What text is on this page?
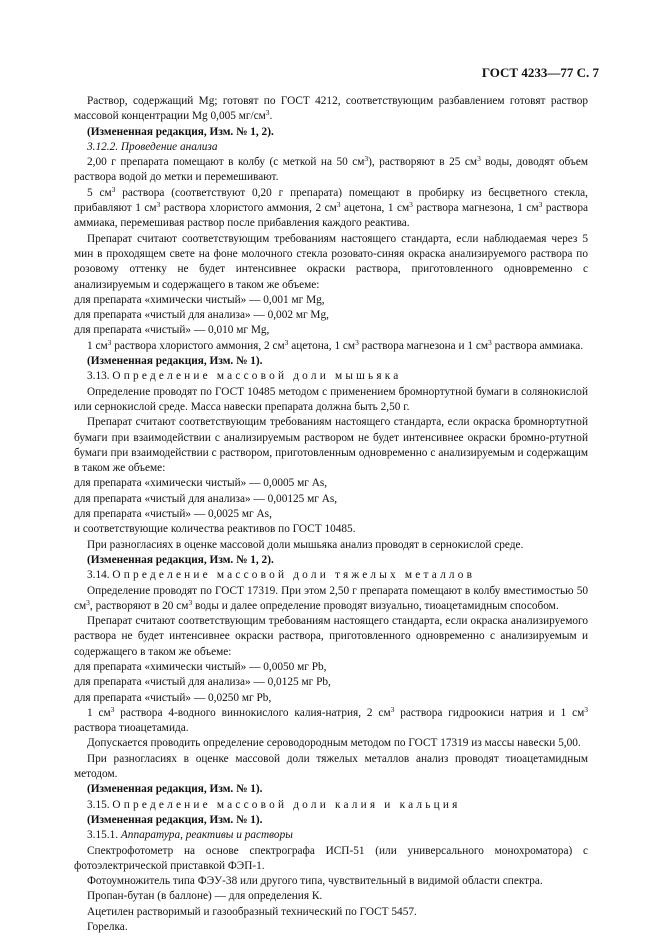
ГОСТ 4233—77 С. 7

Раствор, содержащий Mg; готовят по ГОСТ 4212, соответствующим разбавлением готовят раствор массовой концентрации Mg 0,005 $мг/см^3$.

(Измененная редакция, Изм. № 1, 2).

3.12.2. Проведение анализа

2,00 г препарата помещают в колбу (с меткой на 50 $см^3$), растворяют в 25 $см^3$ воды, доводят объем раствора водой до метки и перемешивают.

5 $см^3$ раствора (соответствуют 0,20 г препарата) помещают в пробирку из бесцветного стекла, прибавляют 1 $см^3$ раствора хлористого аммония, 2 $см^3$ ацетона, 1 $см^3$ раствора магнезона, 1 $см^3$ раствора аммиака, перемешивая раствор после прибавления каждого реактива.

Препарат считают соответствующим требованиям настоящего стандарта, если наблюдаемая через 5 мин в проходящем свете на фоне молочного стекла розовато-синяя окраска анализируемого раствора по розовому оттенку не будет интенсивнее окраски раствора, приготовленного одновременно с анализируемым и содержащего в таком же объеме:

для препарата «химически чистый» — 0,001 мг Mg,

для препарата «чистый для анализа» — 0,002 мг Mg,

для препарата «чистый» — 0,010 мг Mg,

1 $см^3$ раствора хлористого аммония, 2 $см^3$ ацетона, 1 $см^3$ раствора магнезона и 1 $см^3$ раствора аммиака.

(Измененная редакция, Изм. № 1).

3.13. Определение массовой доли мышьяка

Определение проводят по ГОСТ 10485 методом с применением бромнортутной бумаги в солянокислой или сернокислой среде. Масса навески препарата должна быть 2,50 г.

Препарат считают соответствующим требованиям настоящего стандарта, если окраска бромнортутной бумаги при взаимодействии с анализируемым раствором не будет интенсивнее окраски бромно-ртутной бумаги при взаимодействии с раствором, приготовленным одновременно с анализируемым и содержащим в таком же объеме:

для препарата «химически чистый» — 0,0005 мг As,

для препарата «чистый для анализа» — 0,00125 мг As,

для препарата «чистый» — 0,0025 мг As,

и соответствующие количества реактивов по ГОСТ 10485.

При разногласиях в оценке массовой доли мышьяка анализ проводят в сернокислой среде.

(Измененная редакция, Изм. № 1, 2).

3.14. Определение массовой доли тяжелых металлов

Определение проводят по ГОСТ 17319. При этом 2,50 г препарата помещают в колбу вместимостью 50 $см^3$, растворяют в 20 $см^3$ воды и далее определение проводят визуально, тиоацетамидным способом.

Препарат считают соответствующим требованиям настоящего стандарта, если окраска анализируемого раствора не будет интенсивнее окраски раствора, приготовленного одновременно с анализируемым и содержащего в таком же объеме:

для препарата «химически чистый» — 0,0050 мг Pb,

для препарата «чистый для анализа» — 0,0125 мг Pb,

для препарата «чистый» — 0,0250 мг Pb,

1 $см^3$ раствора 4-водного виннокислого калия-натрия, 2 $см^3$ раствора гидроокиси натрия и 1 $см^3$ раствора тиоацетамида.

Допускается проводить определение сероводородным методом по ГОСТ 17319 из массы навески 5,00.

При разногласиях в оценке массовой доли тяжелых металлов анализ проводят тиоацетамидным методом.

(Измененная редакция, Изм. № 1).

3.15. Определение массовой доли калия и кальция

(Измененная редакция, Изм. № 1).

3.15.1. Аппаратура, реактивы и растворы

Спектрофотометр на основе спектрографа ИСП-51 (или универсального монохроматора) с фотоэлектрической приставкой ФЭП-1.

Фотоумножитель типа ФЭУ-38 или другого типа, чувствительный в видимой области спектра.

Пропан-бутан (в баллоне) — для определения К.

Ацетилен растворимый и газообразный технический по ГОСТ 5457.

Горелка.
